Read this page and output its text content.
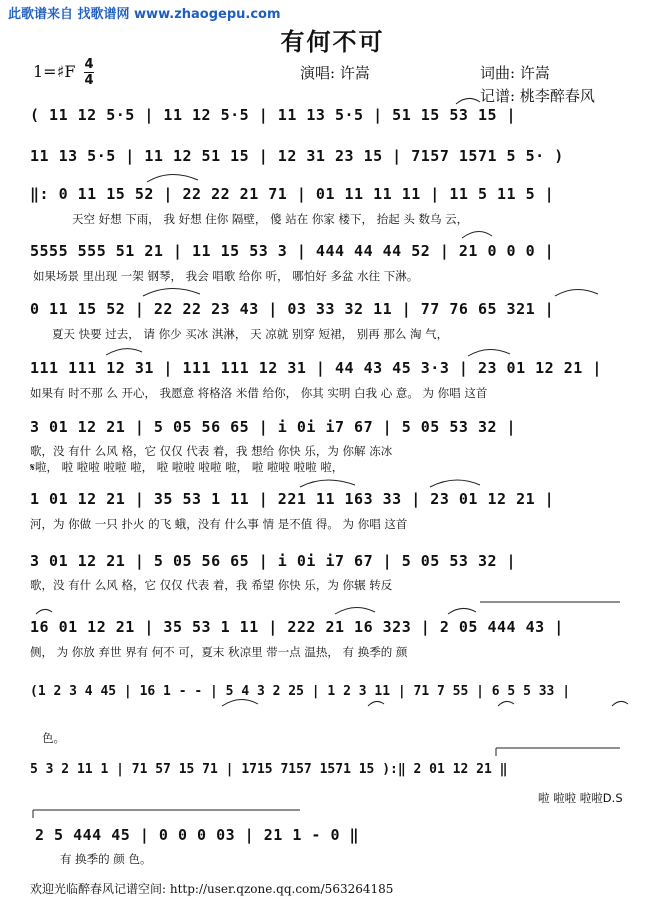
此歌谱来自 找歌谱网 www.zhaogepu.com
有何不可
1=♯F 4
4	演唱: 许嵩	词曲: 许嵩
记谱: 桃李醉春风
( 11 12 5·5 | 11 12 5·5 | 11 13 5·5 | 51 15 53 15 |
11 13 5·5 | 11 12 51 15 | 12 31 23 15 | 7157 1571 5 5· )
‖: 0 11 15 52 | 22 22 21 71 | 01 11 11 11 | 11 5 11 5 |
天空 好想 下雨， 我 好想 住你 隔壁， 傻 站在 你家 楼下， 抬起 头 数乌 云，
5555 555 51 21 | 11 15 53 3 | 444 44 44 52 | 21 0 0 0 |
如果场景 里出现 一架 钢琴， 我会 唱歌 给你 听， 哪怕好 多盆 水往 下淋。
0 11 15 52 | 22 22 23 43 | 03 33 32 11 | 77 76 65 321 |
夏天 快要 过去， 请 你少 买冰 淇淋， 天 凉就 别穿 短裙， 别再 那么 淘 气，
111 111 12 31 | 111 111 12 31 | 44 43 45 3·3 | 23 01 12 21 |
如果有 时不那 么 开心， 我愿意 将格洛 米借 给你， 你其 实明 白我 心 意。 为 你唱 这首
3 01 12 21 | 5 05 56 65 | i 0i i7 67 | 5 05 53 32 |
歌，没 有什 么风 格，它 仅仅 代表 着，我 想给 你快 乐，为 你解 冻冰
𝄋啦， 啦 啦啦 啦啦 啦， 啦 啦啦 啦啦 啦， 啦 啦啦 啦啦 啦，
1 01 12 21 | 35 53 1 11 | 221 11 163 33 | 23 01 12 21 |
河，为 你做 一只 扑火 的飞 蛾，没有 什么事 情 是不值 得。 为 你唱 这首
3 01 12 21 | 5 05 56 65 | i 0i i7 67 | 5 05 53 32 |
歌，没 有什 么风 格，它 仅仅 代表 着，我 希望 你快 乐，为 你辗 转反
16 01 12 21 | 35 53 1 11 | 222 21 16 323 | 2 05 444 43 |
侧， 为 你放 弃世 界有 何不 可，夏末 秋凉里 带一点 温热， 有 换季的 颜
(1 2 3 4 45 | 16 1 - - | 5 4 3 2 25 | 1 2 3 11 | 71 7 55 | 6 5 5 33 |
色。
5 3 2 11 1 | 71 57 15 71 | 1715 7157 1571 15 ):‖ 2 01 12 21 ‖
啦 啦啦 啦啦D.S
2 5 444 45 | 0 0 0 03 | 21 1 - 0 ‖
有 换季的 颜 色。
欢迎光临醉春风记谱空间: http://user.qzone.qq.com/563264185
